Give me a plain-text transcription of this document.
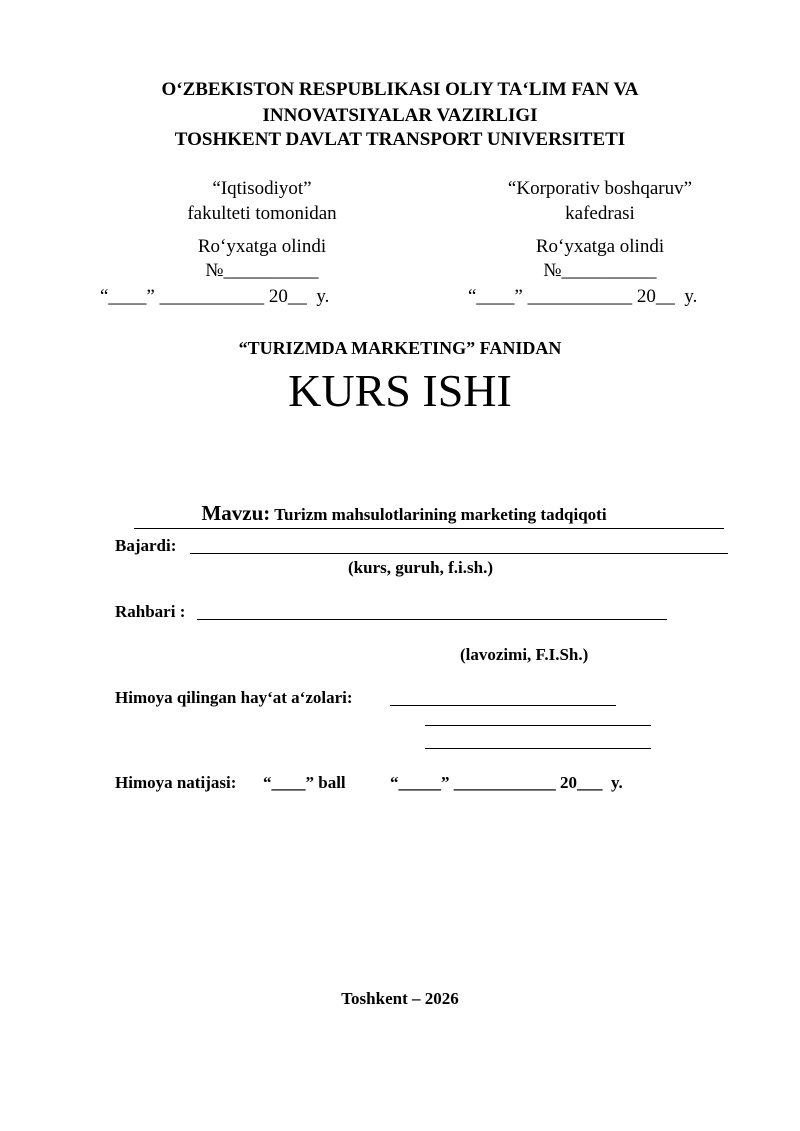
O‘ZBEKISTON RESPUBLIKASI OLIY TA‘LIM FAN VA
INNOVATSIYALAR VAZIRLIGI
TOSHKENT DAVLAT TRANSPORT UNIVERSITETI
“Iqtisodiyot”
fakulteti tomonidan
Ro‘yxatga olindi
№__________
“____” ___________ 20__  y.
“Korporativ boshqaruv”
kafedrasi
Ro‘yxatga olindi
№__________
“____” ___________ 20__  y.
“TURIZMDA MARKETING” FANIDAN
KURS ISHI

Mavzu: Turizm mahsulotlarining marketing tadqiqoti

Bajardi:
(kurs, guruh, f.i.sh.)
Rahbari :
(lavozimi, F.I.Sh.)
Himoya qilingan hay‘at a‘zolari:
Himoya natijasi: “____” ball	“_____” ____________ 20___  y.
Toshkent – 2026
